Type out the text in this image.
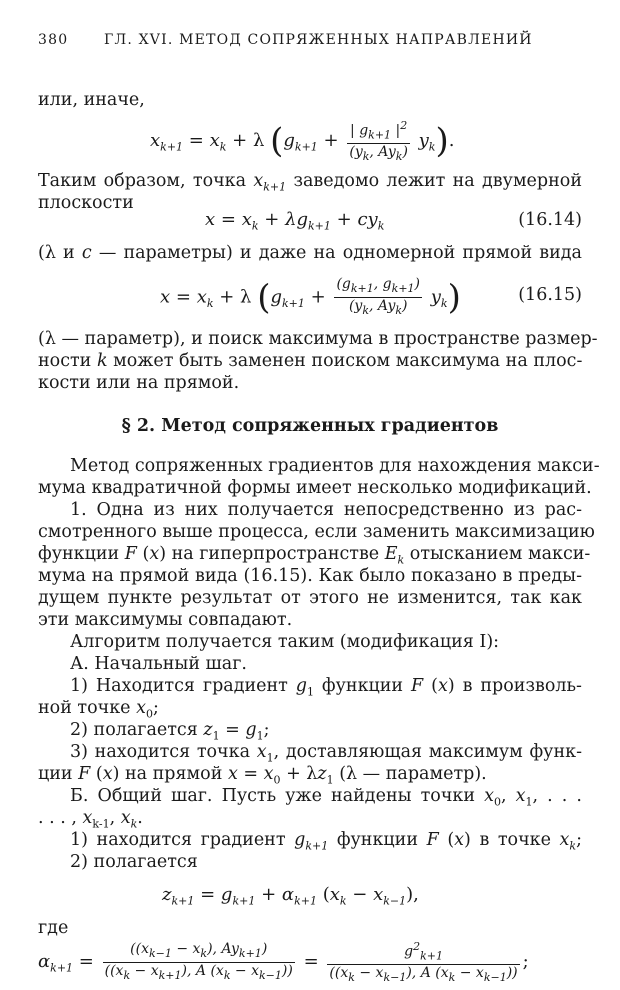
380	ГЛ. XVI. МЕТОД СОПРЯЖЕННЫХ НАПРАВЛЕНИЙ
или, иначе,
$x_{k+1} = x_k + \lambda$ $(g_{k+1} + \frac{| g_{k+1} |^2}{(y_k, Ay_k)} y_k)$.
Таким образом, точка $x_{k+1}$ заведомо лежит на двумерной
плоскости
$x = x_k + \lambda g_{k+1} + cy_k$	(16.14)
(λ и c — параметры) и даже на одномерной прямой вида
$x = x_k + \lambda$ $(g_{k+1} + \frac{(g_{k+1}, g_{k+1})}{(y_k, Ay_k)} y_k)$	(16.15)
(λ — параметр), и поиск максимума в пространстве размер-
ности k может быть заменен поиском максимума на плос-
кости или на прямой.
§ 2. Метод сопряженных градиентов
Метод сопряженных градиентов для нахождения макси-
мума квадратичной формы имеет несколько модификаций.
1. Одна из них получается непосредственно из рас-
смотренного выше процесса, если заменить максимизацию
функции F (x) на гиперпространстве $E_k$ отысканием макси-
мума на прямой вида (16.15). Как было показано в преды-
дущем пункте результат от этого не изменится, так как
эти максимумы совпадают.
Алгоритм получается таким (модификация I):
А. Начальный шаг.
1) Находится градиент $g_1$ функции F (x) в произволь-
ной точке $x_0$;
2) полагается $z_1 = g_1$;
3) находится точка $x_1$, доставляющая максимум функ-
ции F (x) на прямой $x = x_0 + \lambda z_1$ (λ — параметр).
Б. Общий шаг. Пусть уже найдены точки $x_0$, $x_1$, . . .
. . . , $x_{k-1}$, $x_k$.
1) находится градиент $g_{k+1}$ функции F (x) в точке $x_k$;
2) полагается
$z_{k+1} = g_{k+1} + \alpha_{k+1}$ $(x_k - x_{k-1})$,
где
$\alpha_{k+1} = \frac{((x_{k-1} - x_k), Ay_{k+1})}{((x_k - x_{k+1}), A (x_k - x_{k-1}))} = \frac{g^2_{k+1}}{((x_k - x_{k-1}), A (x_k - x_{k-1}))}$ ;
